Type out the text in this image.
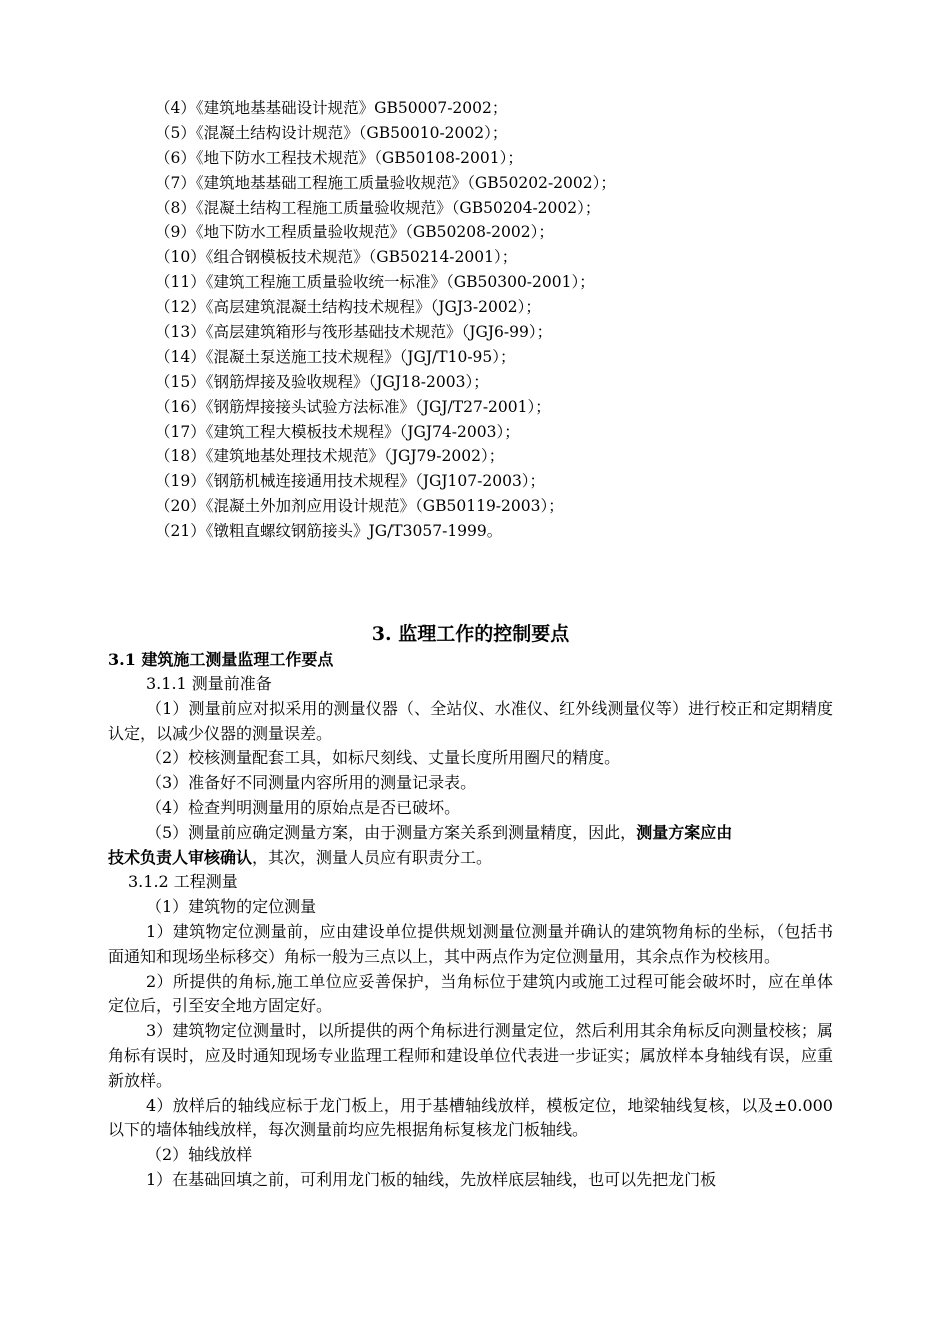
（4）《建筑地基基础设计规范》GB50007-2002；
（5）《混凝土结构设计规范》（GB50010-2002）；
（6）《地下防水工程技术规范》（GB50108-2001）；
（7）《建筑地基基础工程施工质量验收规范》（GB50202-2002）；
（8）《混凝土结构工程施工质量验收规范》（GB50204-2002）；
（9）《地下防水工程质量验收规范》（GB50208-2002）；
（10）《组合钢模板技术规范》（GB50214-2001）；
（11）《建筑工程施工质量验收统一标准》（GB50300-2001）；
（12）《高层建筑混凝土结构技术规程》（JGJ3-2002）；
（13）《高层建筑箱形与筏形基础技术规范》（JGJ6-99）；
（14）《混凝土泵送施工技术规程》（JGJ/T10-95）；
（15）《钢筋焊接及验收规程》（JGJ18-2003）；
（16）《钢筋焊接接头试验方法标准》（JGJ/T27-2001）；
（17）《建筑工程大模板技术规程》（JGJ74-2003）；
（18）《建筑地基处理技术规范》（JGJ79-2002）；
（19）《钢筋机械连接通用技术规程》（JGJ107-2003）；
（20）《混凝土外加剂应用设计规范》（GB50119-2003）；
（21）《镦粗直螺纹钢筋接头》JG/T3057-1999。
3. 监理工作的控制要点
3.1 建筑施工测量监理工作要点
3.1.1 测量前准备
（1）测量前应对拟采用的测量仪器（、全站仪、水准仪、红外线测量仪等）进行校正和定期精度认定，以减少仪器的测量误差。
（2）校核测量配套工具，如标尺刻线、丈量长度所用圈尺的精度。
（3）准备好不同测量内容所用的测量记录表。
（4）检查判明测量用的原始点是否已破坏。
（5）测量前应确定测量方案，由于测量方案关系到测量精度，因此，测量方案应由
技术负责人审核确认，其次，测量人员应有职责分工。
3.1.2 工程测量
（1）建筑物的定位测量
1）建筑物定位测量前，应由建设单位提供规划测量位测量并确认的建筑物角标的坐标，（包括书面通知和现场坐标移交）角标一般为三点以上，其中两点作为定位测量用，其余点作为校核用。
2）所提供的角标,施工单位应妥善保护，当角标位于建筑内或施工过程可能会破坏时，应在单体定位后，引至安全地方固定好。
3）建筑物定位测量时，以所提供的两个角标进行测量定位，然后利用其余角标反向测量校核；属角标有误时，应及时通知现场专业监理工程师和建设单位代表进一步证实；属放样本身轴线有误，应重新放样。
4）放样后的轴线应标于龙门板上，用于基槽轴线放样，模板定位，地梁轴线复核，以及±0.000 以下的墙体轴线放样，每次测量前均应先根据角标复核龙门板轴线。
（2）轴线放样
1）在基础回填之前，可利用龙门板的轴线，先放样底层轴线，也可以先把龙门板
